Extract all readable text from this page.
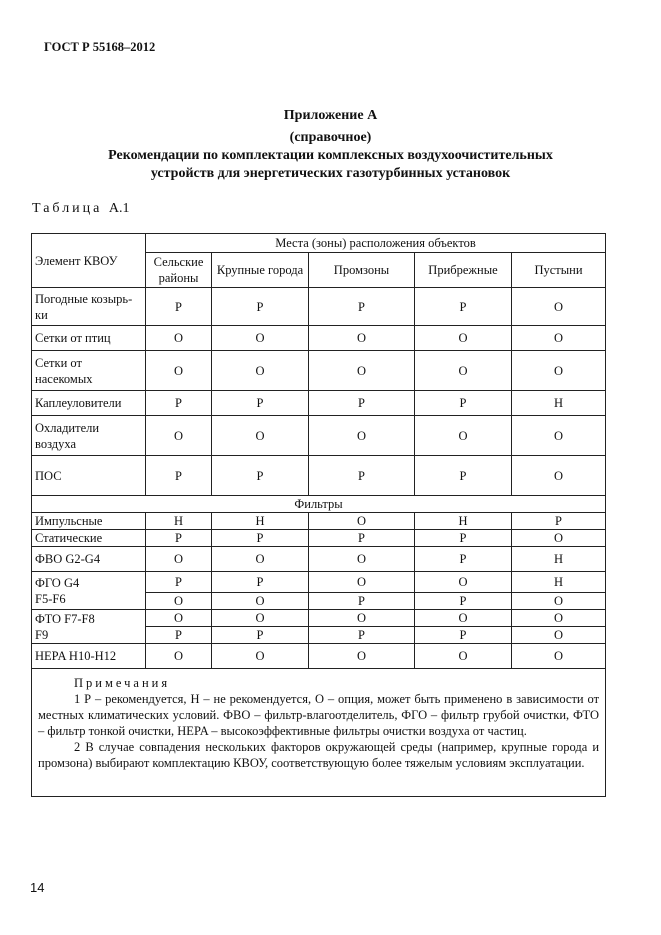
ГОСТ Р 55168–2012
Приложение А
(справочное)
Рекомендации по комплектации комплексных воздухоочистительных
устройств для энергетических газотурбинных установок
Таблица А.1
Элемент КВОУ	Места (зоны) расположения объектов				
	Сельские районы	Крупные города	Промзоны	Прибрежные	Пустыни
Погодные козырь-ки	Р	Р	Р	Р	О
Сетки от птиц	О	О	О	О	О
Сетки от насекомых	О	О	О	О	О
Каплеуловители	Р	Р	Р	Р	Н
Охладители воздуха	О	О	О	О	О
ПОС	Р	Р	Р	Р	О
Фильтры					
Импульсные	Н	Н	О	Н	Р
Статические	Р	Р	Р	Р	О
ФВО G2-G4	О	О	О	Р	Н
ФГО G4
F5-F6	Р	Р	О	О	Н
	О	О	Р	Р	О
ФТО F7-F8
F9	О	О	О	О	О
	Р	Р	Р	Р	О
HEPA H10-H12	О	О	О	О	О

Примечания

1 Р – рекомендуется, Н – не рекомендуется, О – опция, может быть применено в зависимости от местных климатических условий. ФВО – фильтр-влагоотделитель, ФГО – фильтр грубой очистки, ФТО – фильтр тонкой очистки, HEPA – высокоэффективные фильтры очистки воздуха от частиц.

2 В случае совпадения нескольких факторов окружающей среды (например, крупные города и промзона) выбирают комплектацию КВОУ, соответствующую более тяжелым условиям эксплуатации.					

14
